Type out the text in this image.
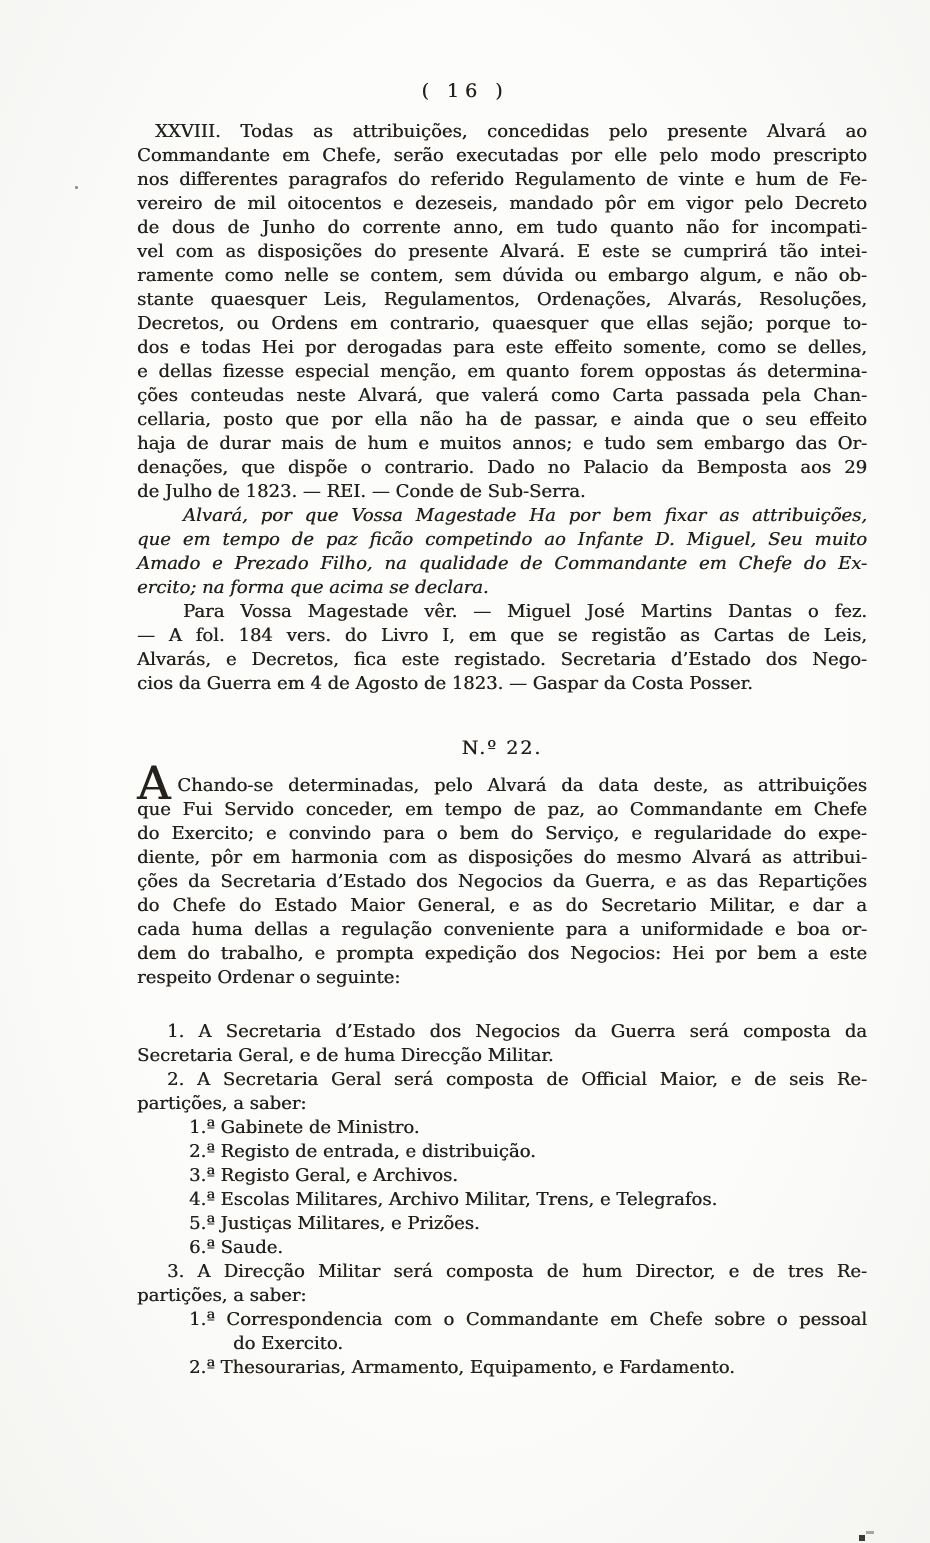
( 16 )
XXVIII. Todas as attribuições, concedidas pelo presente Alvará ao
Commandante em Chefe, serão executadas por elle pelo modo prescripto
nos differentes paragrafos do referido Regulamento de vinte e hum de Fe-
vereiro de mil oitocentos e dezeseis, mandado pôr em vigor pelo Decreto
de dous de Junho do corrente anno, em tudo quanto não for incompati-
vel com as disposições do presente Alvará. E este se cumprirá tão intei-
ramente como nelle se contem, sem dúvida ou embargo algum, e não ob-
stante quaesquer Leis, Regulamentos, Ordenações, Alvarás, Resoluções,
Decretos, ou Ordens em contrario, quaesquer que ellas sejão; porque to-
dos e todas Hei por derogadas para este effeito somente, como se delles,
e dellas fizesse especial menção, em quanto forem oppostas ás determina-
ções conteudas neste Alvará, que valerá como Carta passada pela Chan-
cellaria, posto que por ella não ha de passar, e ainda que o seu effeito
haja de durar mais de hum e muitos annos; e tudo sem embargo das Or-
denações, que dispõe o contrario. Dado no Palacio da Bemposta aos 29
de Julho de 1823. — REI. — Conde de Sub-Serra.
Alvará, por que Vossa Magestade Ha por bem fixar as attribuições,
que em tempo de paz ficão competindo ao Infante D. Miguel, Seu muito
Amado e Prezado Filho, na qualidade de Commandante em Chefe do Ex-
ercito; na forma que acima se declara.
Para Vossa Magestade vêr. — Miguel José Martins Dantas o fez.
— A fol. 184 vers. do Livro I, em que se registão as Cartas de Leis,
Alvarás, e Decretos, fica este registado. Secretaria d’Estado dos Nego-
cios da Guerra em 4 de Agosto de 1823. — Gaspar da Costa Posser.
N.º 22.
A Chando-se determinadas, pelo Alvará da data deste, as attribuições
que Fui Servido conceder, em tempo de paz, ao Commandante em Chefe
do Exercito; e convindo para o bem do Serviço, e regularidade do expe-
diente, pôr em harmonia com as disposições do mesmo Alvará as attribui-
ções da Secretaria d’Estado dos Negocios da Guerra, e as das Repartições
do Chefe do Estado Maior General, e as do Secretario Militar, e dar a
cada huma dellas a regulação conveniente para a uniformidade e boa or-
dem do trabalho, e prompta expedição dos Negocios: Hei por bem a este
respeito Ordenar o seguinte:
1. A Secretaria d’Estado dos Negocios da Guerra será composta da
Secretaria Geral, e de huma Direcção Militar.
2. A Secretaria Geral será composta de Official Maior, e de seis Re-
partições, a saber:
1.ª Gabinete de Ministro.
2.ª Registo de entrada, e distribuição.
3.ª Registo Geral, e Archivos.
4.ª Escolas Militares, Archivo Militar, Trens, e Telegrafos.
5.ª Justiças Militares, e Prizões.
6.ª Saude.
3. A Direcção Militar será composta de hum Director, e de tres Re-
partições, a saber:
1.ª Correspondencia com o Commandante em Chefe sobre o pessoal
do Exercito.
2.ª Thesourarias, Armamento, Equipamento, e Fardamento.
